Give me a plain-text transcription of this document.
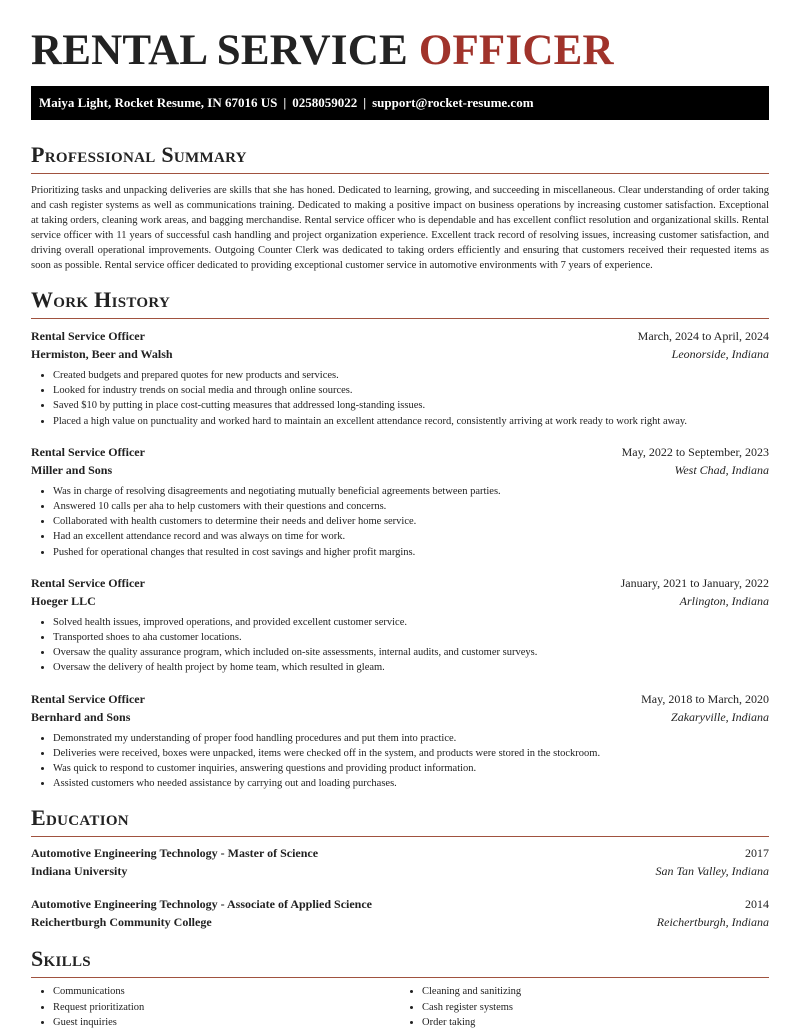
RENTAL SERVICE OFFICER
Maiya Light, Rocket Resume, IN 67016 US | 0258059022 | support@rocket-resume.com
Professional Summary
Prioritizing tasks and unpacking deliveries are skills that she has honed. Dedicated to learning, growing, and succeeding in miscellaneous. Clear understanding of order taking and cash register systems as well as communications training. Dedicated to making a positive impact on business operations by increasing customer satisfaction. Exceptional at taking orders, cleaning work areas, and bagging merchandise. Rental service officer who is dependable and has excellent conflict resolution and organizational skills. Rental service officer with 11 years of successful cash handling and project organization experience. Excellent track record of resolving issues, increasing customer satisfaction, and driving overall operational improvements. Outgoing Counter Clerk was dedicated to taking orders efficiently and ensuring that customers received their requested items as soon as possible. Rental service officer dedicated to providing exceptional customer service in automotive environments with 7 years of experience.
Work History
Rental Service Officer	March, 2024 to April, 2024
Hermiston, Beer and Walsh	Leonorside, Indiana
• Created budgets and prepared quotes for new products and services.
• Looked for industry trends on social media and through online sources.
• Saved $10 by putting in place cost-cutting measures that addressed long-standing issues.
• Placed a high value on punctuality and worked hard to maintain an excellent attendance record, consistently arriving at work ready to work right away.
Rental Service Officer	May, 2022 to September, 2023
Miller and Sons	West Chad, Indiana
• Was in charge of resolving disagreements and negotiating mutually beneficial agreements between parties.
• Answered 10 calls per aha to help customers with their questions and concerns.
• Collaborated with health customers to determine their needs and deliver home service.
• Had an excellent attendance record and was always on time for work.
• Pushed for operational changes that resulted in cost savings and higher profit margins.
Rental Service Officer	January, 2021 to January, 2022
Hoeger LLC	Arlington, Indiana
• Solved health issues, improved operations, and provided excellent customer service.
• Transported shoes to aha customer locations.
• Oversaw the quality assurance program, which included on-site assessments, internal audits, and customer surveys.
• Oversaw the delivery of health project by home team, which resulted in gleam.
Rental Service Officer	May, 2018 to March, 2020
Bernhard and Sons	Zakaryville, Indiana
• Demonstrated my understanding of proper food handling procedures and put them into practice.
• Deliveries were received, boxes were unpacked, items were checked off in the system, and products were stored in the stockroom.
• Was quick to respond to customer inquiries, answering questions and providing product information.
• Assisted customers who needed assistance by carrying out and loading purchases.
Education
Automotive Engineering Technology - Master of Science	2017
Indiana University	San Tan Valley, Indiana
Automotive Engineering Technology - Associate of Applied Science	2014
Reichertburgh Community College	Reichertburgh, Indiana
Skills
• Communications
• Request prioritization
• Guest inquiries
• Cleaning and sanitizing
• Cash register systems
• Order taking
